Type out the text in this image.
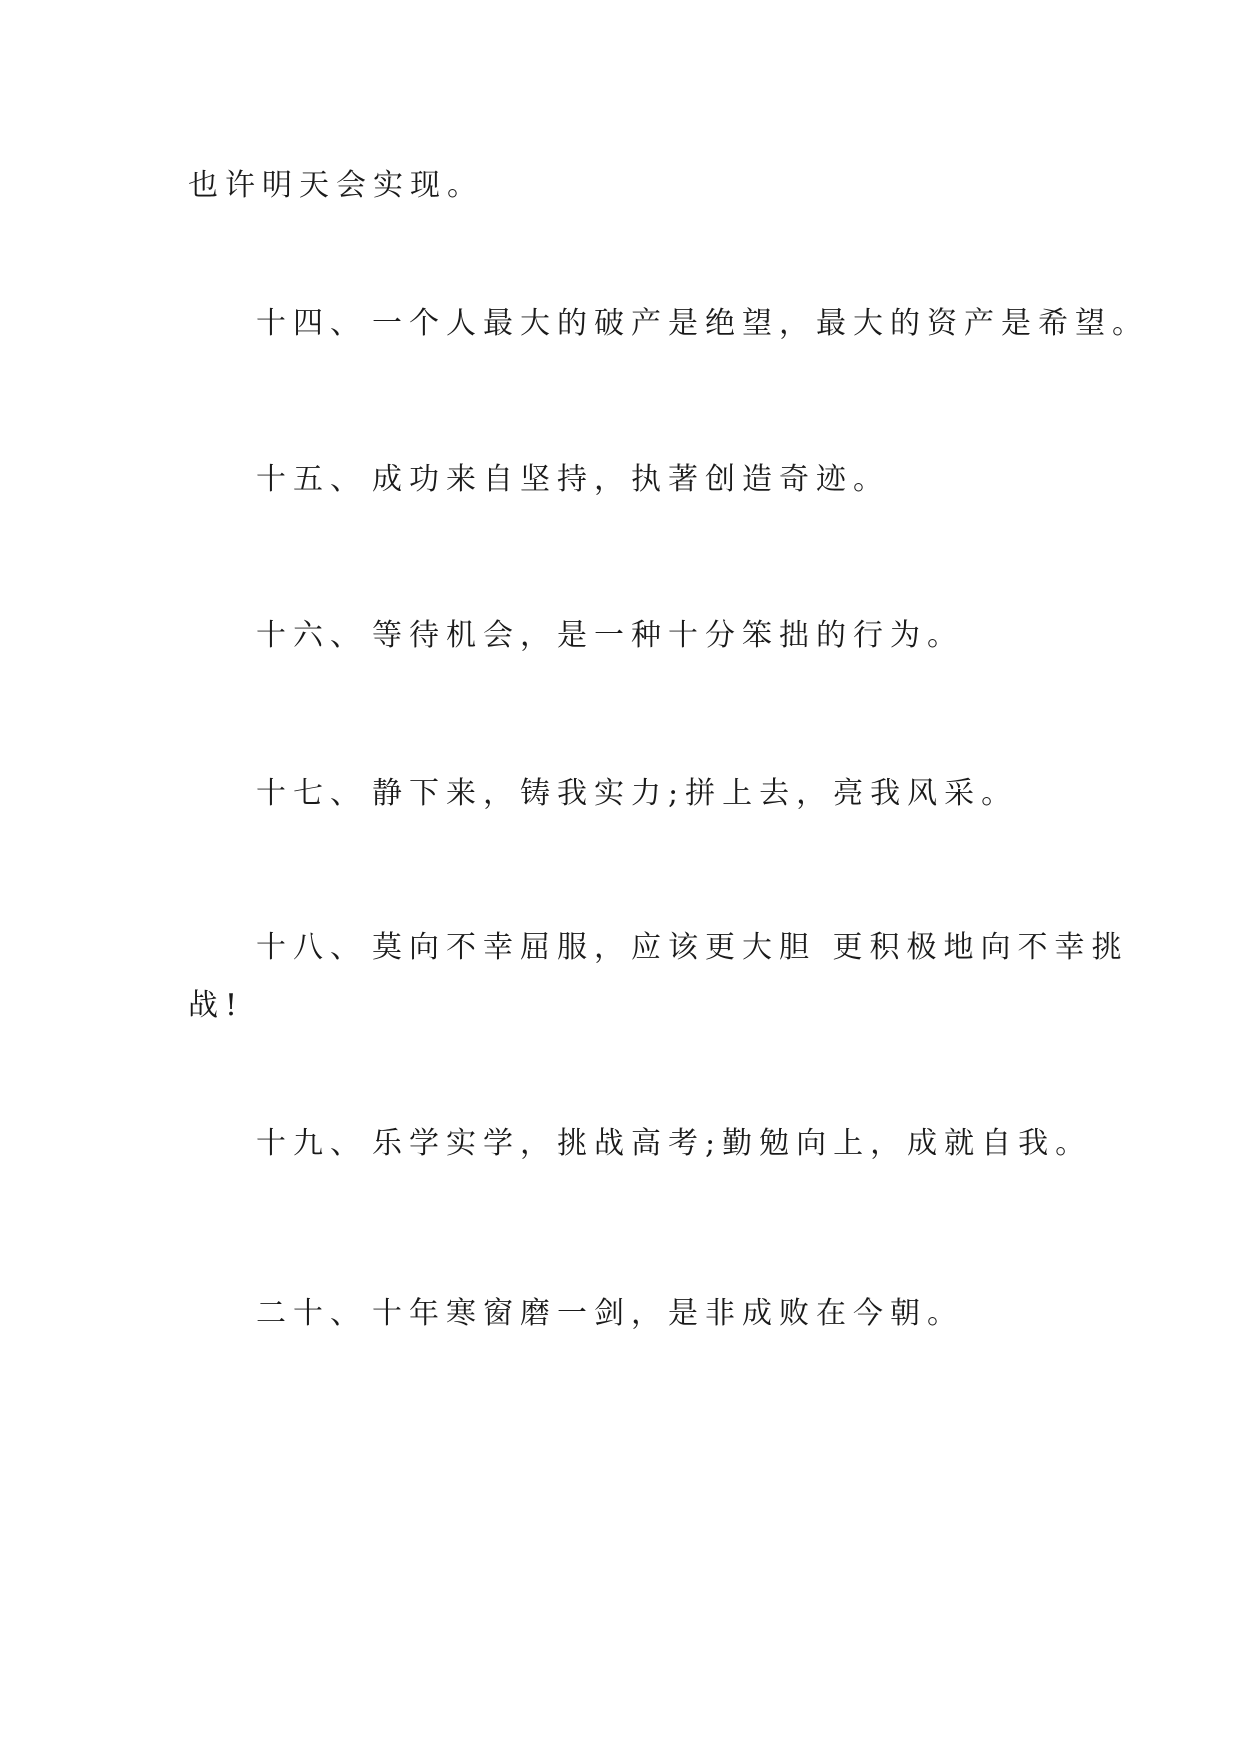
也许明天会实现。
十四、 一个人最大的破产是绝望，最大的资产是希望。
十五、 成功来自坚持，执著创造奇迹。
十六、 等待机会，是一种十分笨拙的行为。
十七、 静下来，铸我实力;拼上去，亮我风采。
十八、 莫向不幸屈服，应该更大胆 更积极地向不幸挑
战!
十九、 乐学实学，挑战高考;勤勉向上，成就自我。
二十、 十年寒窗磨一剑，是非成败在今朝。
